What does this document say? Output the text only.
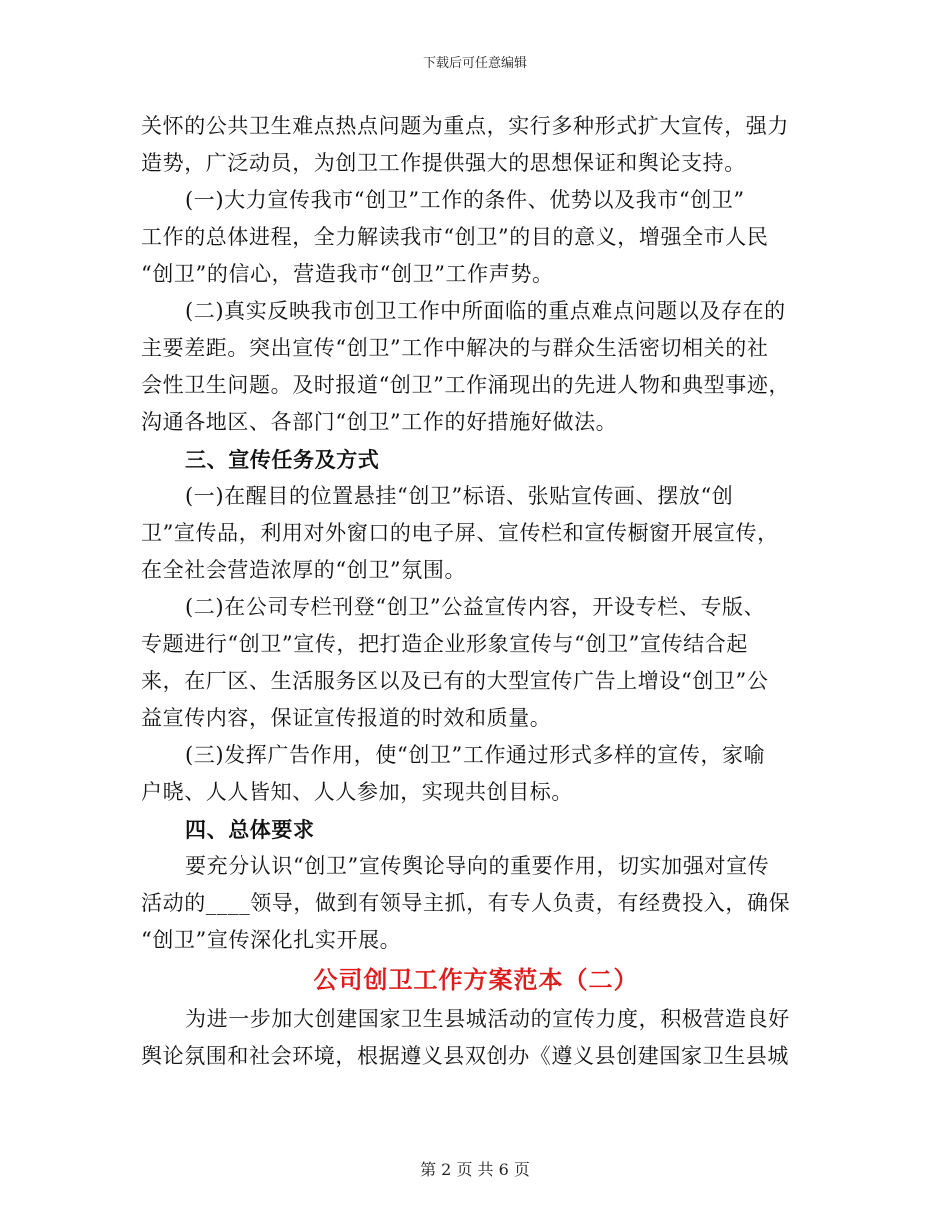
下载后可任意编辑

关怀的公共卫生难点热点问题为重点，实行多种形式扩大宣传，强力
造势，广泛动员，为创卫工作提供强大的思想保证和舆论支持。

(一)大力宣传我市“创卫”工作的条件、优势以及我市“创卫”
工作的总体进程，全力解读我市“创卫”的目的意义，增强全市人民
“创卫”的信心，营造我市“创卫”工作声势。

(二)真实反映我市创卫工作中所面临的重点难点问题以及存在的
主要差距。突出宣传“创卫”工作中解决的与群众生活密切相关的社
会性卫生问题。及时报道“创卫”工作涌现出的先进人物和典型事迹，
沟通各地区、各部门“创卫”工作的好措施好做法。

三、宣传任务及方式

(一)在醒目的位置悬挂“创卫”标语、张贴宣传画、摆放“创
卫”宣传品，利用对外窗口的电子屏、宣传栏和宣传橱窗开展宣传，
在全社会营造浓厚的“创卫”氛围。

(二)在公司专栏刊登“创卫”公益宣传内容，开设专栏、专版、
专题进行“创卫”宣传，把打造企业形象宣传与“创卫”宣传结合起
来，在厂区、生活服务区以及已有的大型宣传广告上增设“创卫”公
益宣传内容，保证宣传报道的时效和质量。

(三)发挥广告作用，使“创卫”工作通过形式多样的宣传，家喻
户晓、人人皆知、人人参加，实现共创目标。

四、总体要求

要充分认识“创卫”宣传舆论导向的重要作用，切实加强对宣传
活动的____领导，做到有领导主抓，有专人负责，有经费投入，确保
“创卫”宣传深化扎实开展。

公司创卫工作方案范本（二）

为进一步加大创建国家卫生县城活动的宣传力度，积极营造良好
舆论氛围和社会环境，根据遵义县双创办《遵义县创建国家卫生县城

第 2 页 共 6 页
